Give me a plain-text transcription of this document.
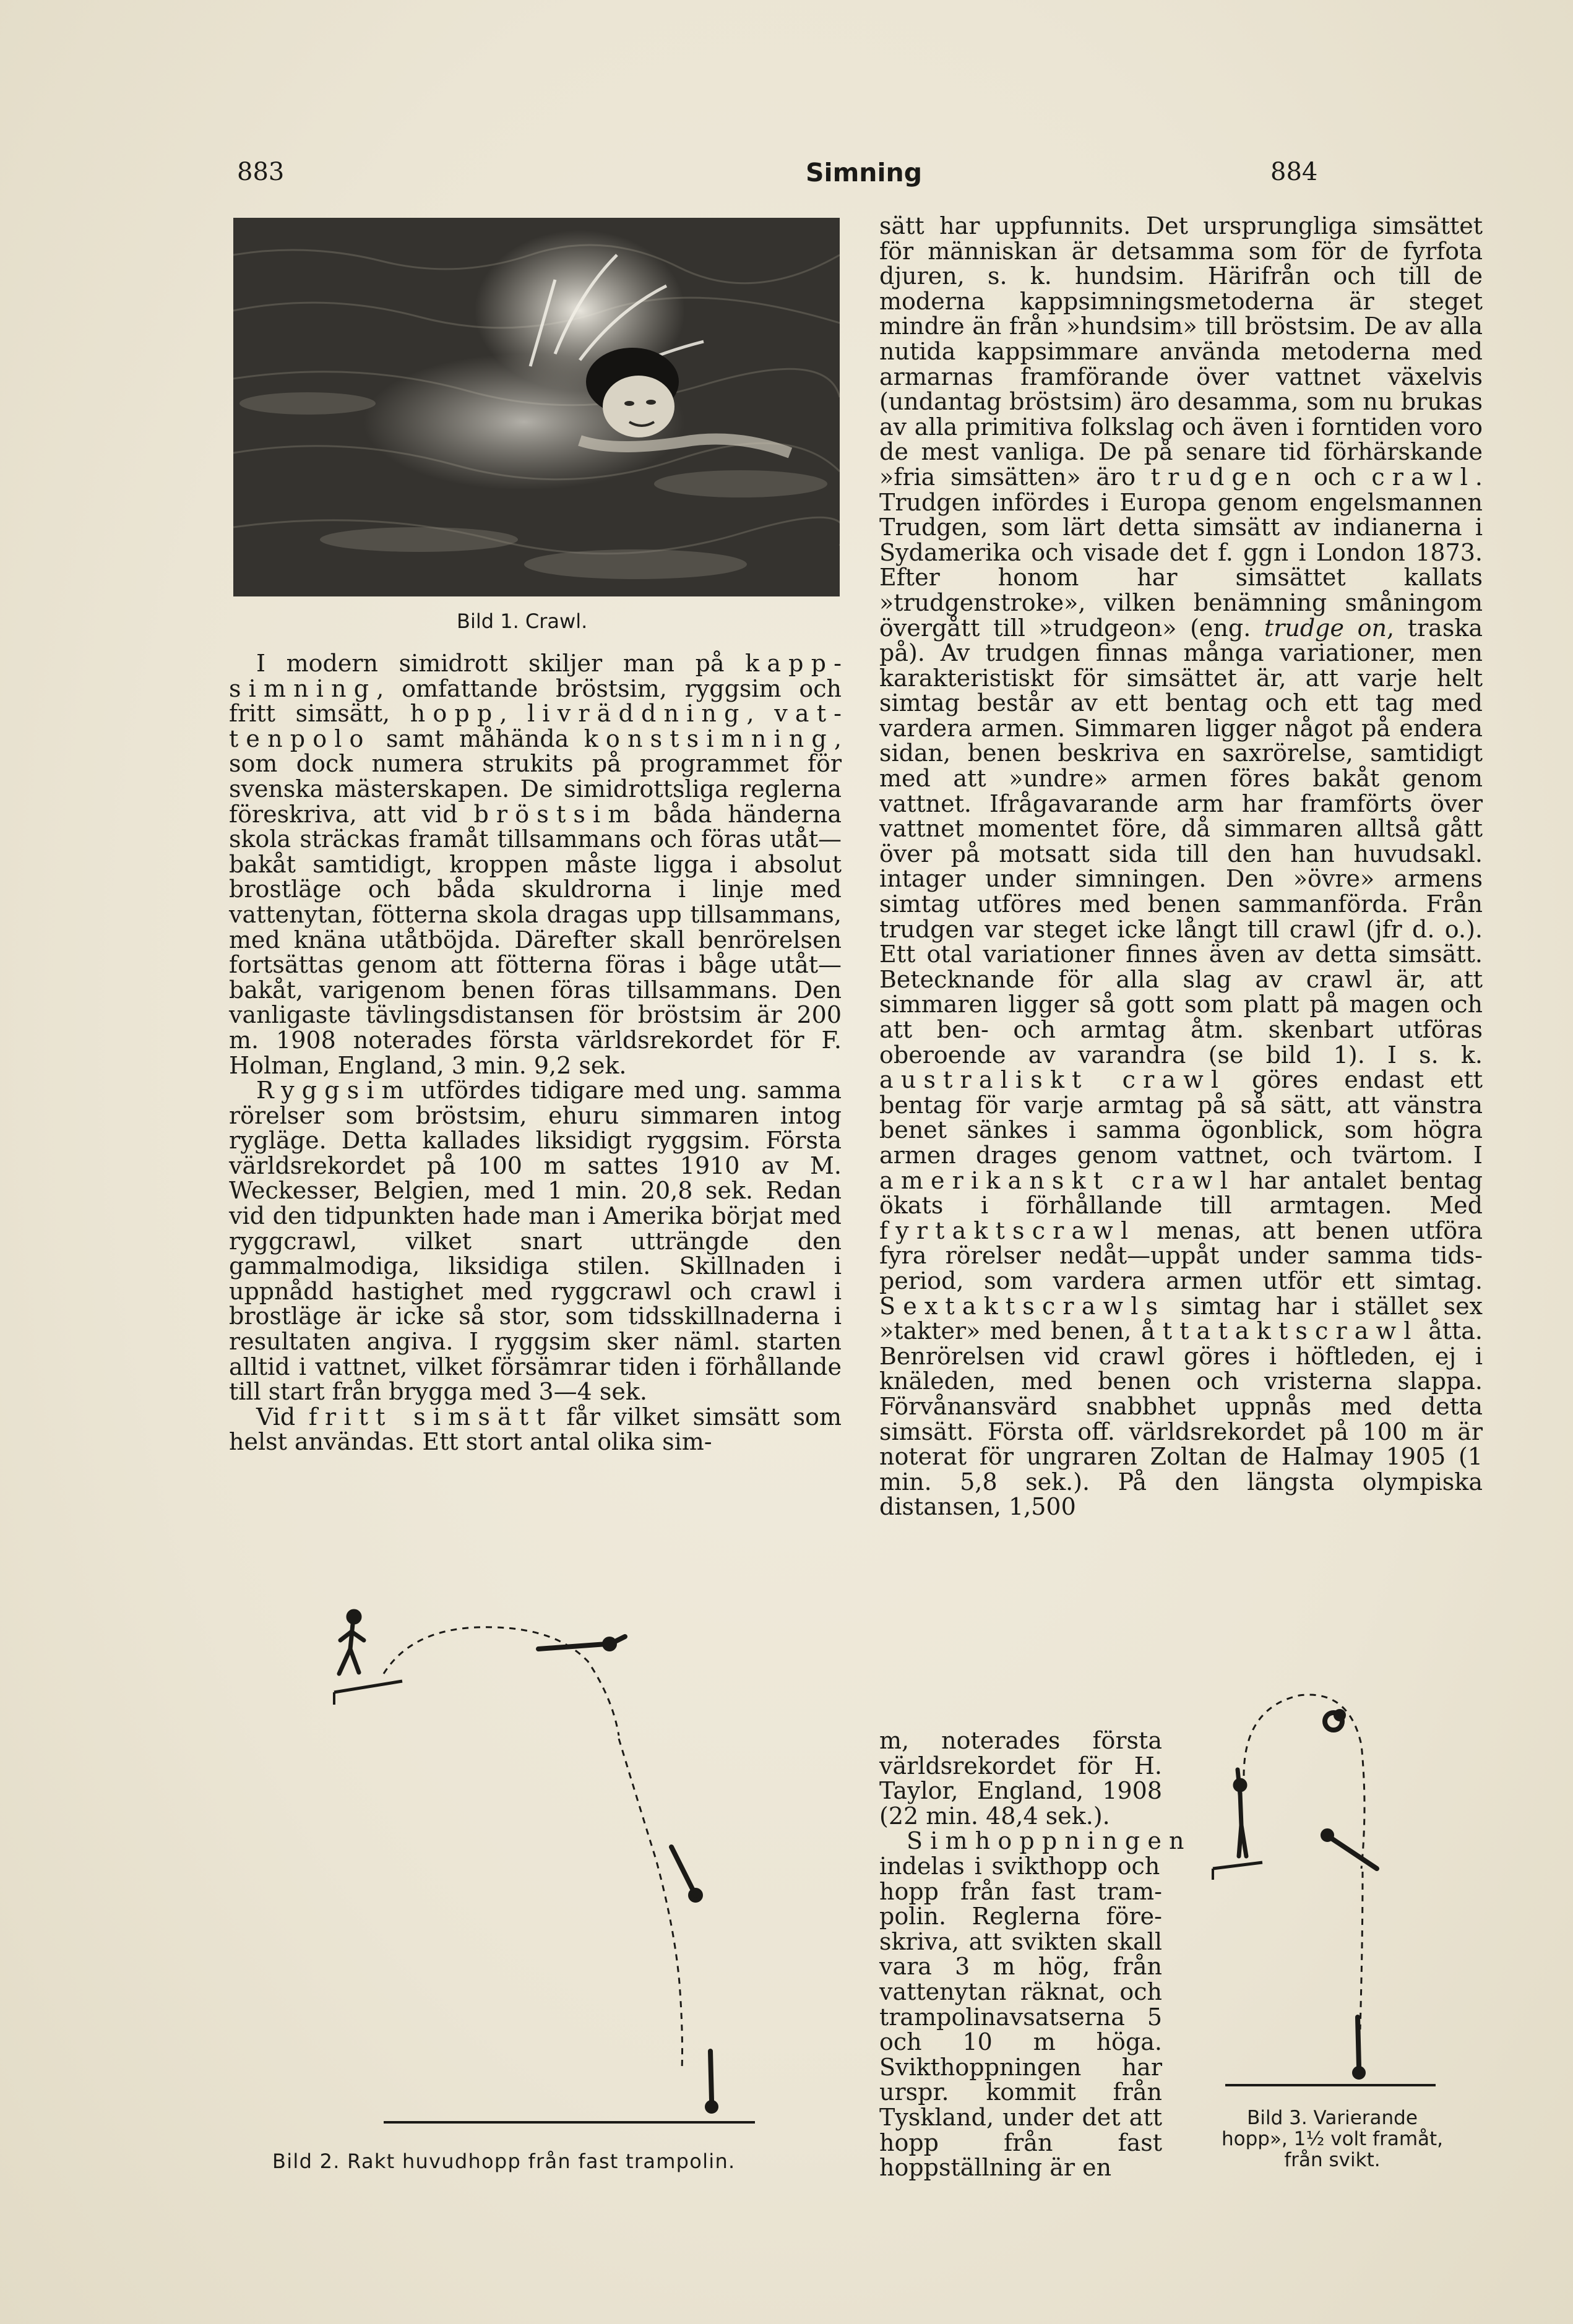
883	Simning	884
Bild 1. Crawl.

I modern simidrott skiljer man på kappsimning, omfattande bröstsim, ryggsim och fritt simsätt, hopp, livräddning, vattenpolo samt måhända konstsimning, som dock numera strukits på programmet för svenska mästerskapen. De simidrottsliga reglerna föreskriva, att vid bröstsim båda händerna skola sträckas framåt tillsammans och föras utåt—bakåt samtidigt, kroppen måste ligga i absolut brostläge och båda skuldrorna i linje med vattenytan, fötterna skola dragas upp tillsammans, med knäna utåtböjda. Därefter skall benrörelsen fortsättas genom att fötterna föras i båge utåt—bakåt, varigenom benen föras tillsammans. Den vanligaste tävlingsdistansen för bröstsim är 200 m. 1908 noterades första världsrekordet för F. Holman, England, 3 min. 9,2 sek.

Ryggsim utfördes tidigare med ung. samma rörelser som bröstsim, ehuru simmaren intog rygläge. Detta kallades liksidigt ryggsim. Första världsrekordet på 100 m sattes 1910 av M. Weckesser, Belgien, med 1 min. 20,8 sek. Redan vid den tidpunkten hade man i Amerika börjat med ryggcrawl, vilket snart utträngde den gammalmodiga, liksidiga stilen. Skillnaden i uppnådd hastighet med ryggcrawl och crawl i brostläge är icke så stor, som tidsskillnaderna i resultaten angiva. I ryggsim sker näml. starten alltid i vattnet, vilket försämrar tiden i förhållande till start från brygga med 3—4 sek.

Vid fritt simsätt får vilket simsätt som helst användas. Ett stort antal olika sim-

Bild 2. Rakt huvudhopp från fast trampolin.

sätt har uppfunnits. Det ursprungliga simsättet för människan är detsamma som för de fyrfota djuren, s. k. hundsim. Härifrån och till de moderna kappsimningsmetoderna är steget mindre än från »hundsim» till bröstsim. De av alla nutida kappsimmare använda metoderna med armarnas framförande över vattnet växelvis (undantag bröstsim) äro desamma, som nu brukas av alla primitiva folkslag och även i forntiden voro de mest vanliga. De på senare tid förhärskande »fria simsätten» äro trudgen och crawl. Trudgen infördes i Europa genom engelsmannen Trudgen, som lärt detta simsätt av indianerna i Sydamerika och visade det f. ggn i London 1873. Efter honom har simsättet kallats »trudgenstroke», vilken benämning småningom övergått till »trudgeon» (eng. trudge on, traska på). Av trudgen finnas många variationer, men karakteristiskt för simsättet är, att varje helt simtag består av ett bentag och ett tag med vardera armen. Simmaren ligger något på endera sidan, benen beskriva en saxrörelse, samtidigt med att »undre» armen föres bakåt genom vattnet. Ifrågavarande arm har framförts över vattnet momentet före, då simmaren alltså gått över på motsatt sida till den han huvudsakl. intager under simningen. Den »övre» armens simtag utföres med benen sammanförda. Från trudgen var steget icke långt till crawl (jfr d. o.). Ett otal variationer finnes även av detta simsätt. Betecknande för alla slag av crawl är, att simmaren ligger så gott som platt på magen och att ben- och armtag åtm. skenbart utföras oberoende av varandra (se bild 1). I s. k. australiskt crawl göres endast ett bentag för varje armtag på så sätt, att vänstra benet sänkes i samma ögonblick, som högra armen drages genom vattnet, och tvärtom. I amerikanskt crawl har antalet bentag ökats i förhållande till armtagen. Med fyrtaktscrawl menas, att benen utföra fyra rörelser nedåt—uppåt under samma tidsperiod, som vardera armen utför ett simtag. Sextaktscrawls simtag har i stället sex »takter» med benen, åttataktscrawl åtta. Benrörelsen vid crawl göres i höftleden, ej i knäleden, med benen och vristerna slappa. Förvånansvärd snabbhet uppnås med detta simsätt. Första off. världsrekordet på 100 m är noterat för ungraren Zoltan de Halmay 1905 (1 min. 5,8 sek.). På den längsta olympiska distansen, 1,500

m, noterades första världsrekordet för H. Taylor, England, 1908 (22 min. 48,4 sek.).

Simhoppningen indelas i svikthopp och hopp från fast trampolin. Reglerna föreskriva, att svikten skall vara 3 m hög, från vattenytan räknat, och trampolinavsatserna 5 och 10 m höga. Svikthoppningen har urspr. kommit från Tyskland, under det att hopp från fast hoppställning är en

Bild 3. Varierande
hopp», 1½ volt framåt,
från svikt.
